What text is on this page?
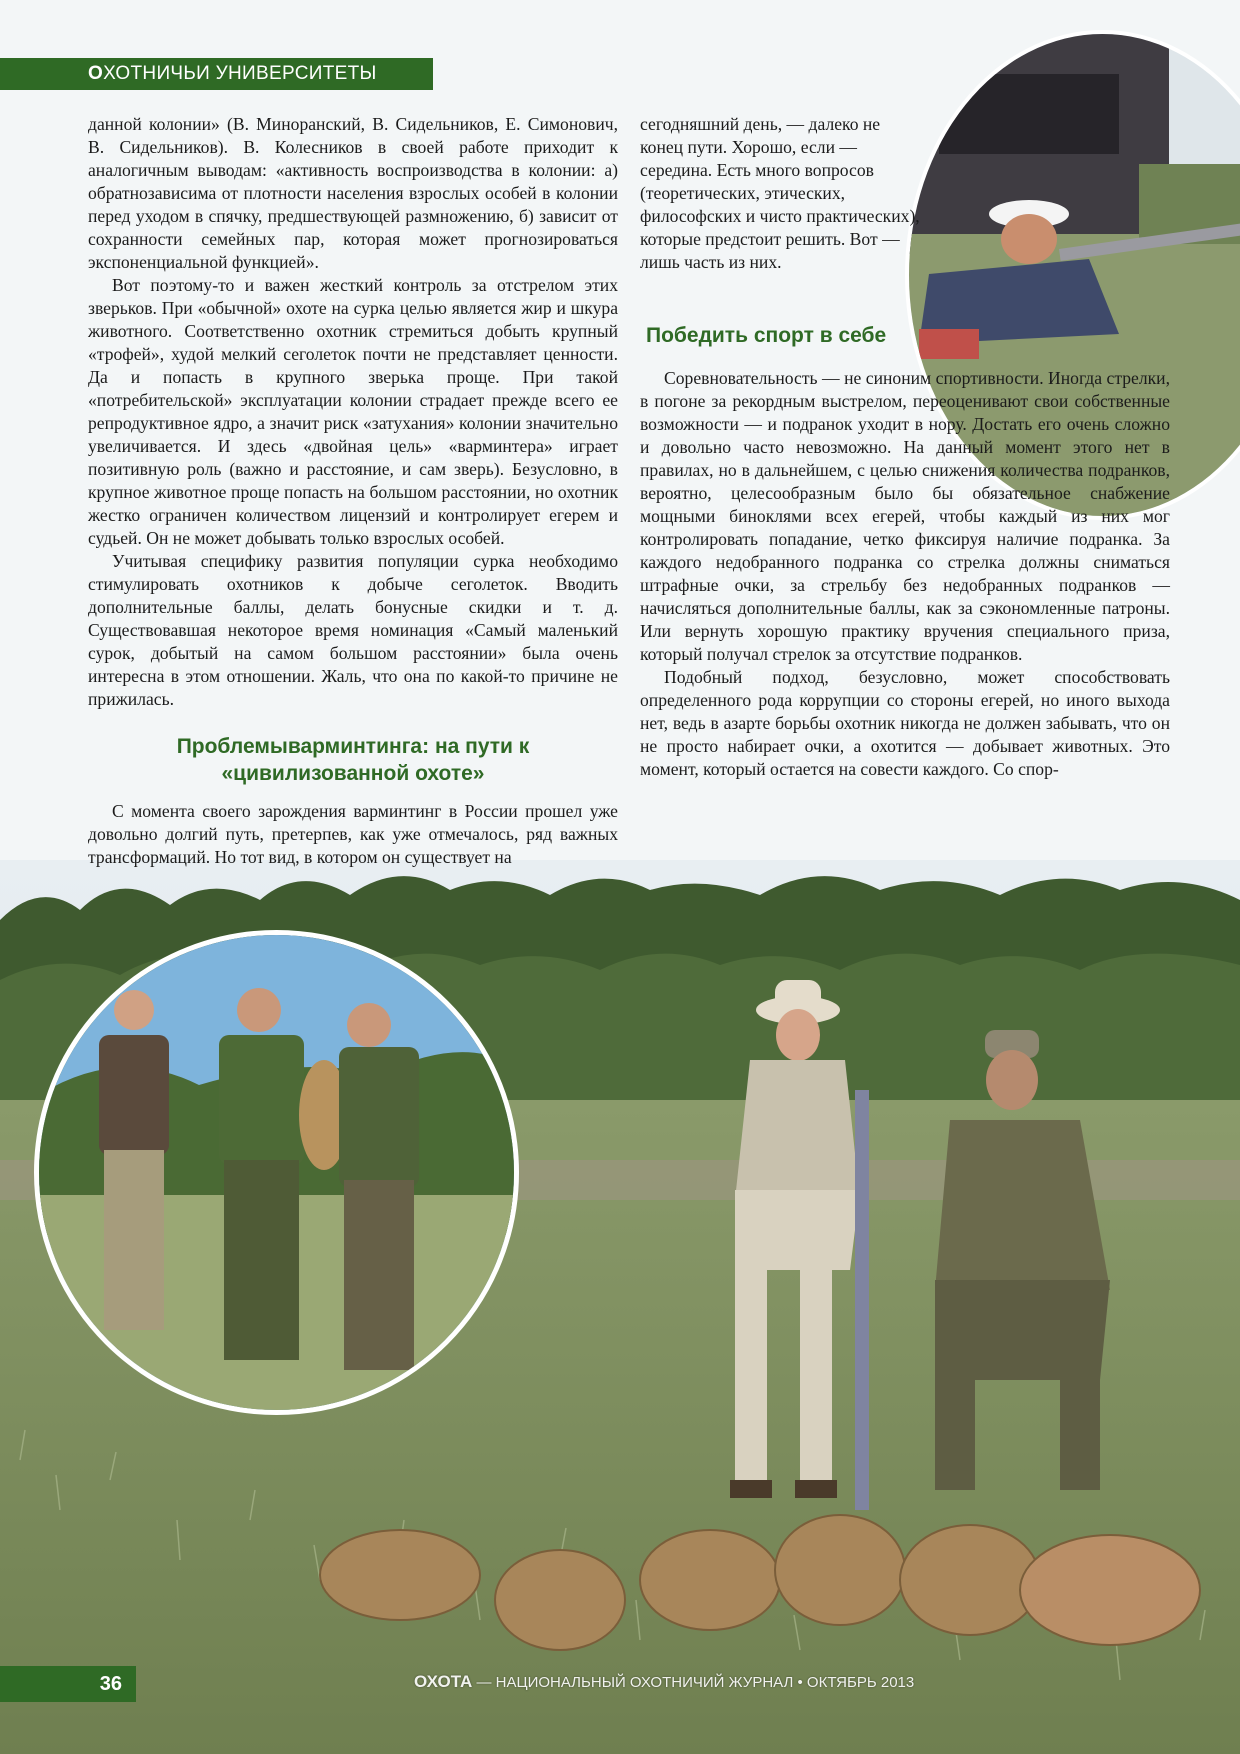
ОХОТНИЧЬИ УНИВЕРСИТЕТЫ

данной колонии» (В. Миноранский, В. Сидельников, Е. Симонович, В. Сидельников). В. Колесников в своей работе приходит к аналогичным выводам: «активность воспроизводства в колонии: а) обратнозависима от плотности населения взрослых особей в колонии перед уходом в спячку, предшествующей размножению, б) зависит от сохранности семейных пар, которая может прогнозироваться экспоненциальной функцией».

Вот поэтому-то и важен жесткий контроль за отстрелом этих зверьков. При «обычной» охоте на сурка целью является жир и шкура животного. Соответственно охотник стремиться добыть крупный «трофей», худой мелкий сеголеток почти не представляет ценности. Да и попасть в крупного зверька проще. При такой «потребительской» эксплуатации колонии страдает прежде всего ее репродуктивное ядро, а значит риск «затухания» колонии значительно увеличивается. И здесь «двойная цель» «варминтера» играет позитивную роль (важно и расстояние, и сам зверь). Безусловно, в крупное животное проще попасть на большом расстоянии, но охотник жестко ограничен количеством лицензий и контролирует егерем и судьей. Он не может добывать только взрослых особей.

Учитывая специфику развития популяции сурка необходимо стимулировать охотников к добыче сеголеток. Вводить дополнительные баллы, делать бонусные скидки и т. д. Существовавшая некоторое время номинация «Самый маленький сурок, добытый на самом большом расстоянии» была очень интересна в этом отношении. Жаль, что она по какой-то причине не прижилась.

Проблемыварминтинга: на пути к «цивилизованной охоте»

С момента своего зарождения варминтинг в России прошел уже довольно долгий путь, претерпев, как уже отмечалось, ряд важных трансформаций. Но тот вид, в котором он существует на

сегодняшний день, — далеко не конец пути. Хорошо, если — середина. Есть много вопросов (теоретических, этических, философских и чисто практических), которые предстоит решить. Вот — лишь часть из них.

Победить спорт в себе

Соревновательность — не синоним спортивности. Иногда стрелки, в погоне за рекордным выстрелом, переоценивают свои собственные возможности — и подранок уходит в нору. Достать его очень сложно и довольно часто невозможно. На данный момент этого нет в правилах, но в дальнейшем, с целью снижения количества подранков, вероятно, целесообразным было бы обязательное снабжение мощными биноклями всех егерей, чтобы каждый из них мог контролировать попадание, четко фиксируя наличие подранка. За каждого недобранного подранка со стрелка должны сниматься штрафные очки, за стрельбу без недобранных подранков — начисляться дополнительные баллы, как за сэкономленные патроны. Или вернуть хорошую практику вручения специального приза, который получал стрелок за отсутствие подранков.

Подобный подход, безусловно, может способствовать определенного рода коррупции со стороны егерей, но иного выхода нет, ведь в азарте борьбы охотник никогда не должен забывать, что он не просто набирает очки, а охотится — добывает животных. Это момент, который остается на совести каждого. Со спор-

36	ОХОТА — НАЦИОНАЛЬНЫЙ ОХОТНИЧИЙ ЖУРНАЛ • ОКТЯБРЬ 2013
